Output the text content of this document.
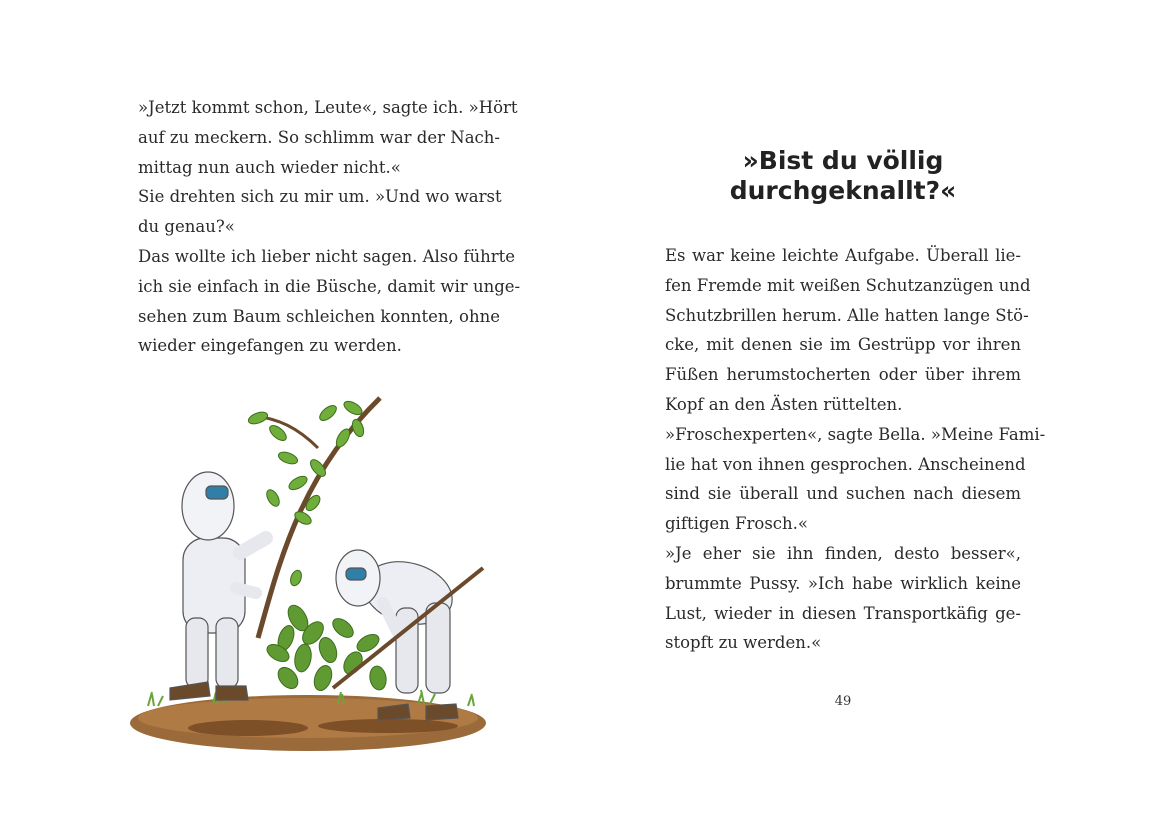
»Jetzt kommt schon, Leute«, sagte ich. »Hört
auf zu meckern. So schlimm war der Nach-
mittag nun auch wieder nicht.«
Sie drehten sich zu mir um. »Und wo warst
du genau?«
Das wollte ich lieber nicht sagen. Also führte
ich sie einfach in die Büsche, damit wir unge-
sehen zum Baum schleichen konnten, ohne
wieder eingefangen zu werden.
»Bist du völlig
durchgeknallt?«
Es war keine leichte Aufgabe. Überall lie-
fen Fremde mit weißen Schutzanzügen und
Schutzbrillen herum. Alle hatten lange Stö-
cke, mit denen sie im Gestrüpp vor ihren
Füßen herumstocherten oder über ihrem
Kopf an den Ästen rüttelten.
»Froschexperten«, sagte Bella. »Meine Fami-
lie hat von ihnen gesprochen. Anscheinend
sind sie überall und suchen nach diesem
giftigen Frosch.«
»Je eher sie ihn finden, desto besser«,
brummte Pussy. »Ich habe wirklich keine
Lust, wieder in diesen Transportkäfig ge-
stopft zu werden.«
49
